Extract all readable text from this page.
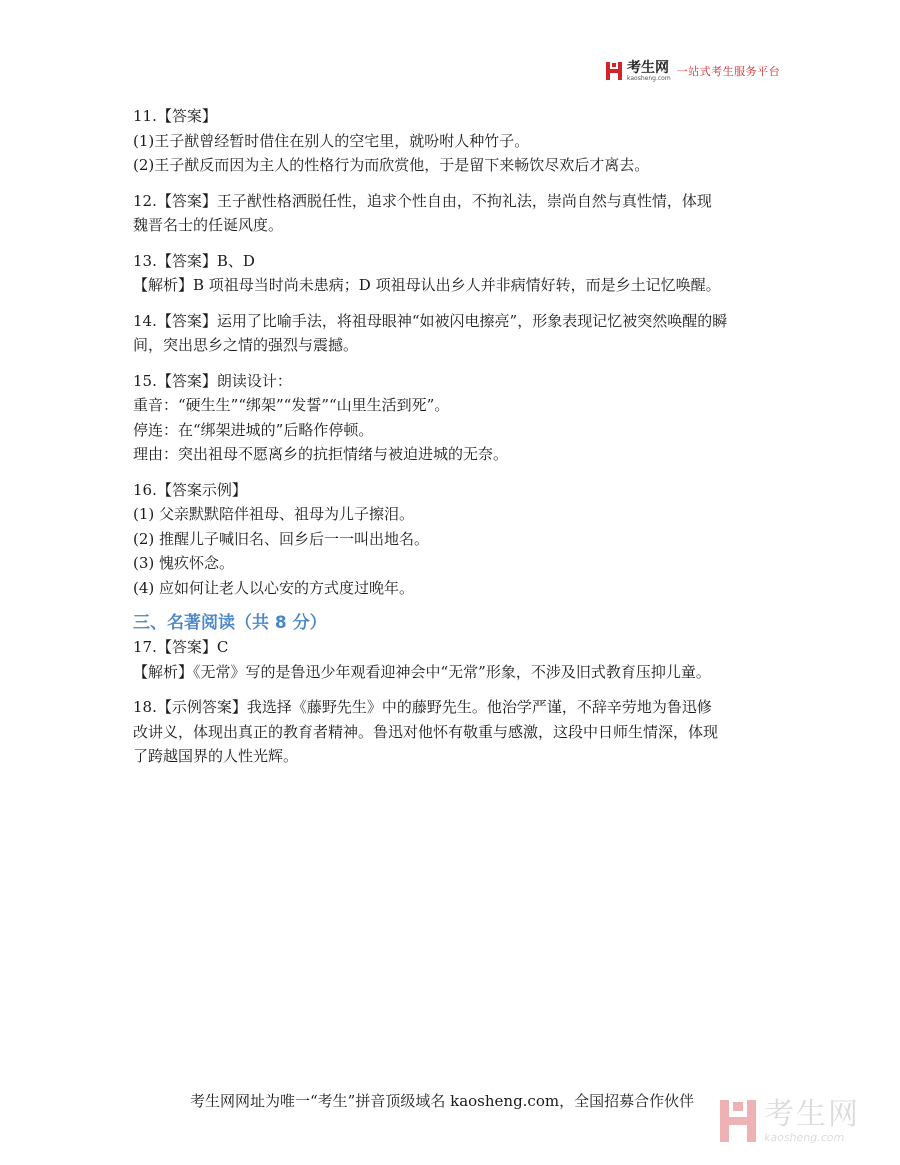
考生网
kaosheng.com 一站式考生服务平台
11.【答案】
(1)王子猷曾经暂时借住在别人的空宅里，就吩咐人种竹子。
(2)王子猷反而因为主人的性格行为而欣赏他，于是留下来畅饮尽欢后才离去。
12.【答案】王子猷性格洒脱任性，追求个性自由，不拘礼法，崇尚自然与真性情，体现
魏晋名士的任诞风度。
13.【答案】B、D
【解析】B 项祖母当时尚未患病；D 项祖母认出乡人并非病情好转，而是乡土记忆唤醒。
14.【答案】运用了比喻手法，将祖母眼神“如被闪电擦亮”，形象表现记忆被突然唤醒的瞬
间，突出思乡之情的强烈与震撼。
15.【答案】朗读设计：
重音：“硬生生”“绑架”“发誓”“山里生活到死”。
停连：在“绑架进城的”后略作停顿。
理由：突出祖母不愿离乡的抗拒情绪与被迫进城的无奈。
16.【答案示例】
(1) 父亲默默陪伴祖母、祖母为儿子擦泪。
(2) 推醒儿子喊旧名、回乡后一一叫出地名。
(3) 愧疚怀念。
(4) 应如何让老人以心安的方式度过晚年。
三、名著阅读（共 8 分）
17.【答案】C
【解析】《无常》写的是鲁迅少年观看迎神会中“无常”形象，不涉及旧式教育压抑儿童。
18.【示例答案】我选择《藤野先生》中的藤野先生。他治学严谨，不辞辛劳地为鲁迅修
改讲义，体现出真正的教育者精神。鲁迅对他怀有敬重与感激，这段中日师生情深，体现
了跨越国界的人性光辉。
考生网网址为唯一“考生”拼音顶级域名 kaosheng.com，全国招募合作伙伴 考生网
kaosheng.com
